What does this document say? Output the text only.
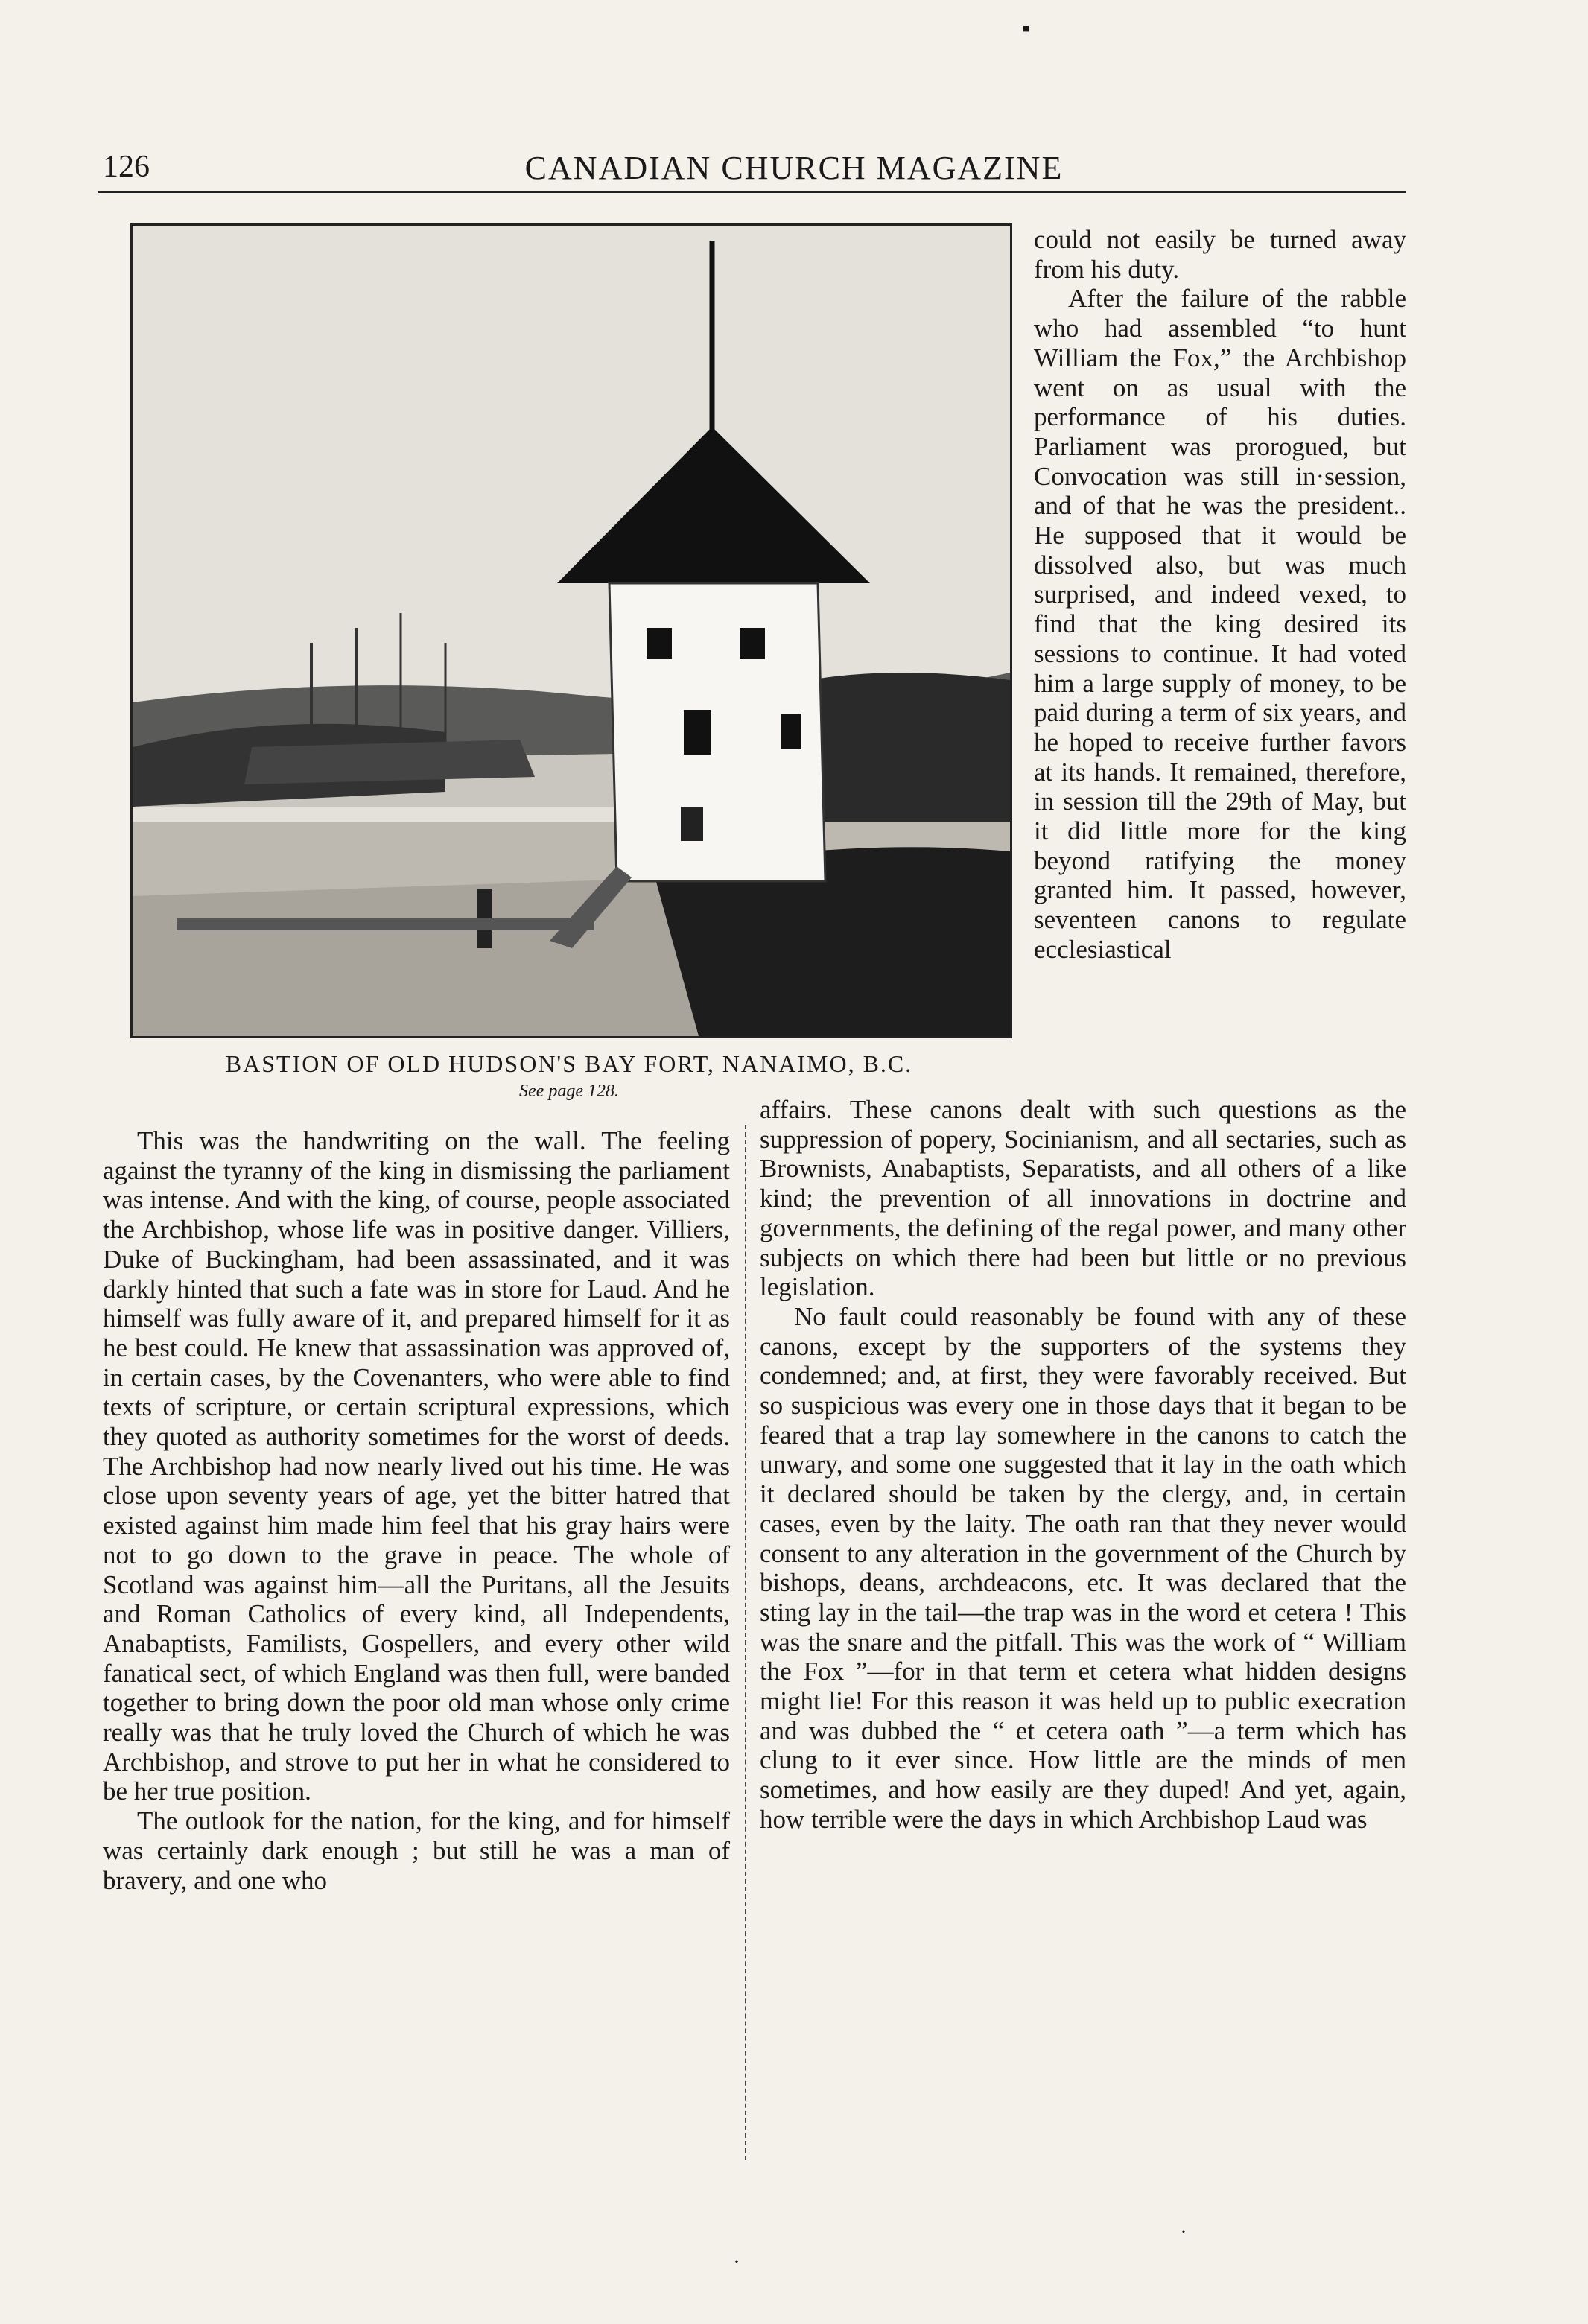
126	CANADIAN CHURCH MAGAZINE
BASTION OF OLD HUDSON'S BAY FORT, NANAIMO, B.C.
See page 128.

could not easily be turned away from his duty.

After the failure of the rabble who had assembled “to hunt William the Fox,” the Archbishop went on as usual with the performance of his duties. Parliament was prorogued, but Convocation was still in·session, and of that he was the president.. He supposed that it would be dissolved also, but was much surprised, and indeed vexed, to find that the king desired its sessions to continue. It had voted him a large supply of money, to be paid during a term of six years, and he hoped to receive further favors at its hands. It remained, therefore, in session till the 29th of May, but it did little more for the king beyond ratifying the money granted him. It passed, however, seventeen canons to regulate ecclesiastical

This was the handwriting on the wall. The feeling against the tyranny of the king in dismissing the parliament was intense. And with the king, of course, people associated the Archbishop, whose life was in positive danger. Villiers, Duke of Buckingham, had been assassinated, and it was darkly hinted that such a fate was in store for Laud. And he himself was fully aware of it, and prepared himself for it as he best could. He knew that assassination was approved of, in certain cases, by the Covenanters, who were able to find texts of scripture, or certain scriptural expressions, which they quoted as authority sometimes for the worst of deeds. The Archbishop had now nearly lived out his time. He was close upon seventy years of age, yet the bitter hatred that existed against him made him feel that his gray hairs were not to go down to the grave in peace. The whole of Scotland was against him—all the Puritans, all the Jesuits and Roman Catholics of every kind, all Independents, Anabaptists, Familists, Gospellers, and every other wild fanatical sect, of which England was then full, were banded together to bring down the poor old man whose only crime really was that he truly loved the Church of which he was Archbishop, and strove to put her in what he considered to be her true position.

The outlook for the nation, for the king, and for himself was certainly dark enough ; but still he was a man of bravery, and one who

affairs. These canons dealt with such questions as the suppression of popery, Socinianism, and all sectaries, such as Brownists, Anabaptists, Separatists, and all others of a like kind; the prevention of all innovations in doctrine and governments, the defining of the regal power, and many other subjects on which there had been but little or no previous legislation.

No fault could reasonably be found with any of these canons, except by the supporters of the systems they condemned; and, at first, they were favorably received. But so suspicious was every one in those days that it began to be feared that a trap lay somewhere in the canons to catch the unwary, and some one suggested that it lay in the oath which it declared should be taken by the clergy, and, in certain cases, even by the laity. The oath ran that they never would consent to any alteration in the government of the Church by bishops, deans, archdeacons, etc. It was declared that the sting lay in the tail—the trap was in the word et cetera ! This was the snare and the pitfall. This was the work of “ William the Fox ”—for in that term et cetera what hidden designs might lie! For this reason it was held up to public execration and was dubbed the “ et cetera oath ”—a term which has clung to it ever since. How little are the minds of men sometimes, and how easily are they duped! And yet, again, how terrible were the days in which Archbishop Laud was

▪
·
·
